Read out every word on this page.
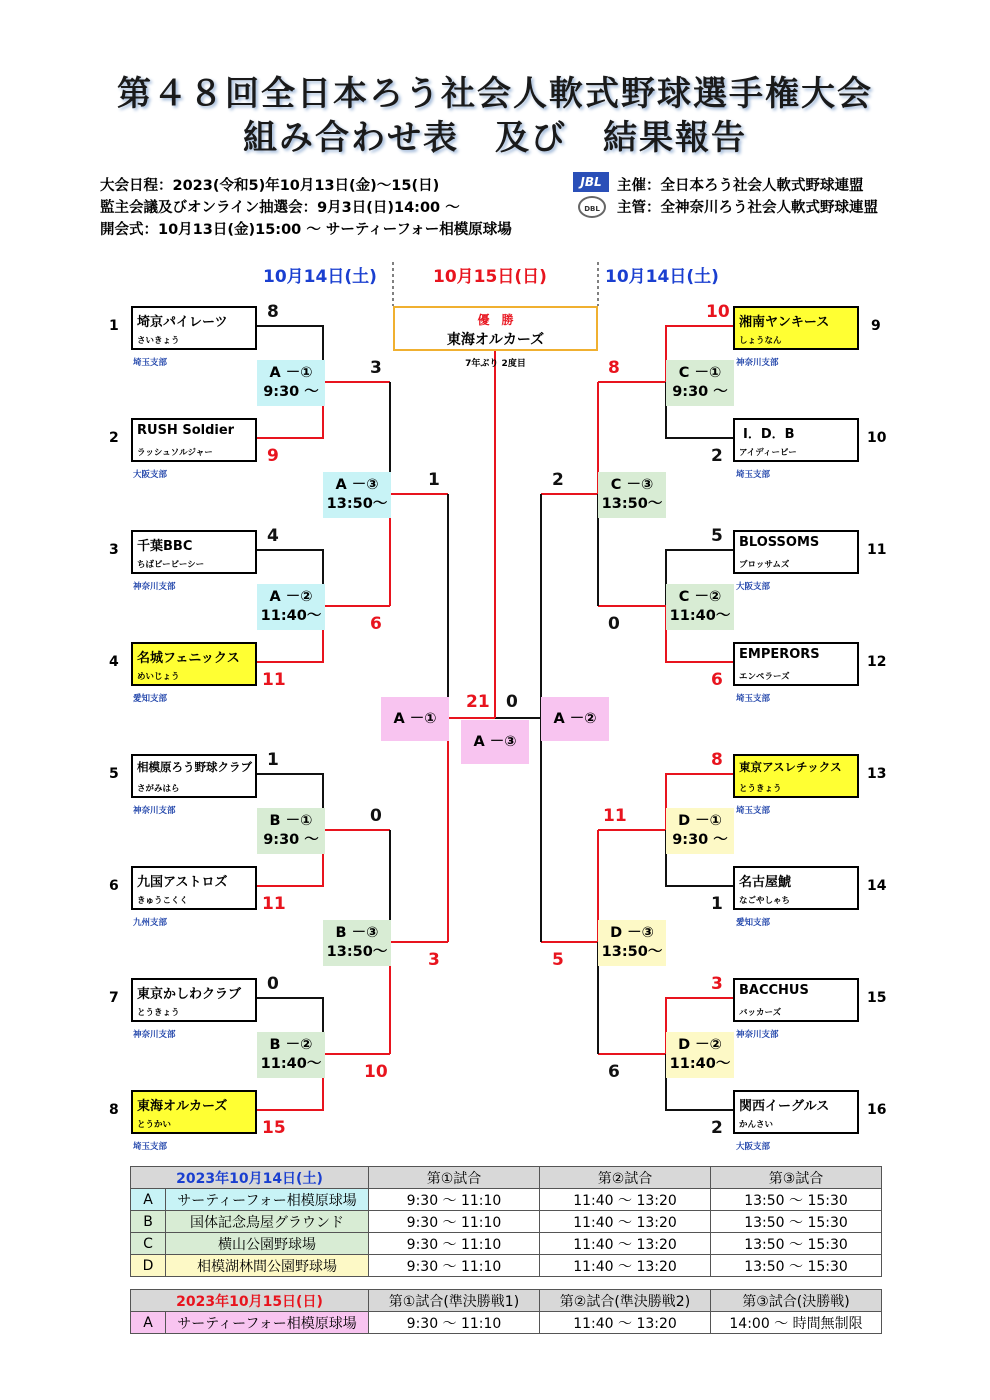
第４８回全日本ろう社会人軟式野球選手権大会
組み合わせ表　及び　結果報告
大会日程：2023(令和5)年10月13日(金)～15(日)
監主会議及びオンライン抽選会：9月3日(日)14:00 ～
開会式：10月13日(金)15:00 ～ サーティーフォー相模原球場
JBL
DBL
主催：全日本ろう社会人軟式野球連盟
主管：全神奈川ろう社会人軟式野球連盟
10月14日(土)	10月15日(日)	10月14日(土)
優　勝
東海オルカーズ
7年ぶり 2度目
埼京パイレーツ
さいきょう
RUSH Soldier
ラッシュソルジャー
千葉BBC
ちばビービーシー
名城フェニックス
めいじょう
相模原ろう野球クラブ
さがみはら
九国アストロズ
きゅうこくく
東京かしわクラブ
とうきょう
東海オルカーズ
とうかい
湘南ヤンキース
しょうなん
I．D．B
アイディービー
BLOSSOMS
ブロッサムズ
EMPERORS
エンペラーズ
東京アスレチックス
とうきょう
名古屋鯱
なごやしゃち
BACCHUS
バッカーズ
関西イーグルス
かんさい
1
2
3
4
5
6
7
8
9
10
11
12
13
14
15
16
埼玉支部
大阪支部
神奈川支部
愛知支部
神奈川支部
九州支部
神奈川支部
埼玉支部
神奈川支部
埼玉支部
大阪支部
埼玉支部
埼玉支部
愛知支部
神奈川支部
大阪支部
8
9
4
11
1
11
0
15
10
2
5
6
8
1
3
2
3
6
0
10
8
0
11
6
1
3
2
5
21 0
A －①
9:30 ～
A －②
11:40～
A －③
13:50～
B －①
9:30 ～
B －②
11:40～
B －③
13:50～
C －①
9:30 ～
C －②
11:40～
C －③
13:50～
D －①
9:30 ～
D －②
11:40～
D －③
13:50～
A －①	A －②
A －③
2023年10月14日(土)		第①試合	第②試合	第③試合
A	サーティーフォー相模原球場	9:30 ～ 11:10	11:40 ～ 13:20	13:50 ～ 15:30
B	国体記念鳥屋グラウンド	9:30 ～ 11:10	11:40 ～ 13:20	13:50 ～ 15:30
C	横山公園野球場	9:30 ～ 11:10	11:40 ～ 13:20	13:50 ～ 15:30
D	相模湖林間公園野球場	9:30 ～ 11:10	11:40 ～ 13:20	13:50 ～ 15:30
2023年10月15日(日)		第①試合(準決勝戦1)	第②試合(準決勝戦2)	第③試合(決勝戦)
A	サーティーフォー相模原球場	9:30 ～ 11:10	11:40 ～ 13:20	14:00 ～ 時間無制限
